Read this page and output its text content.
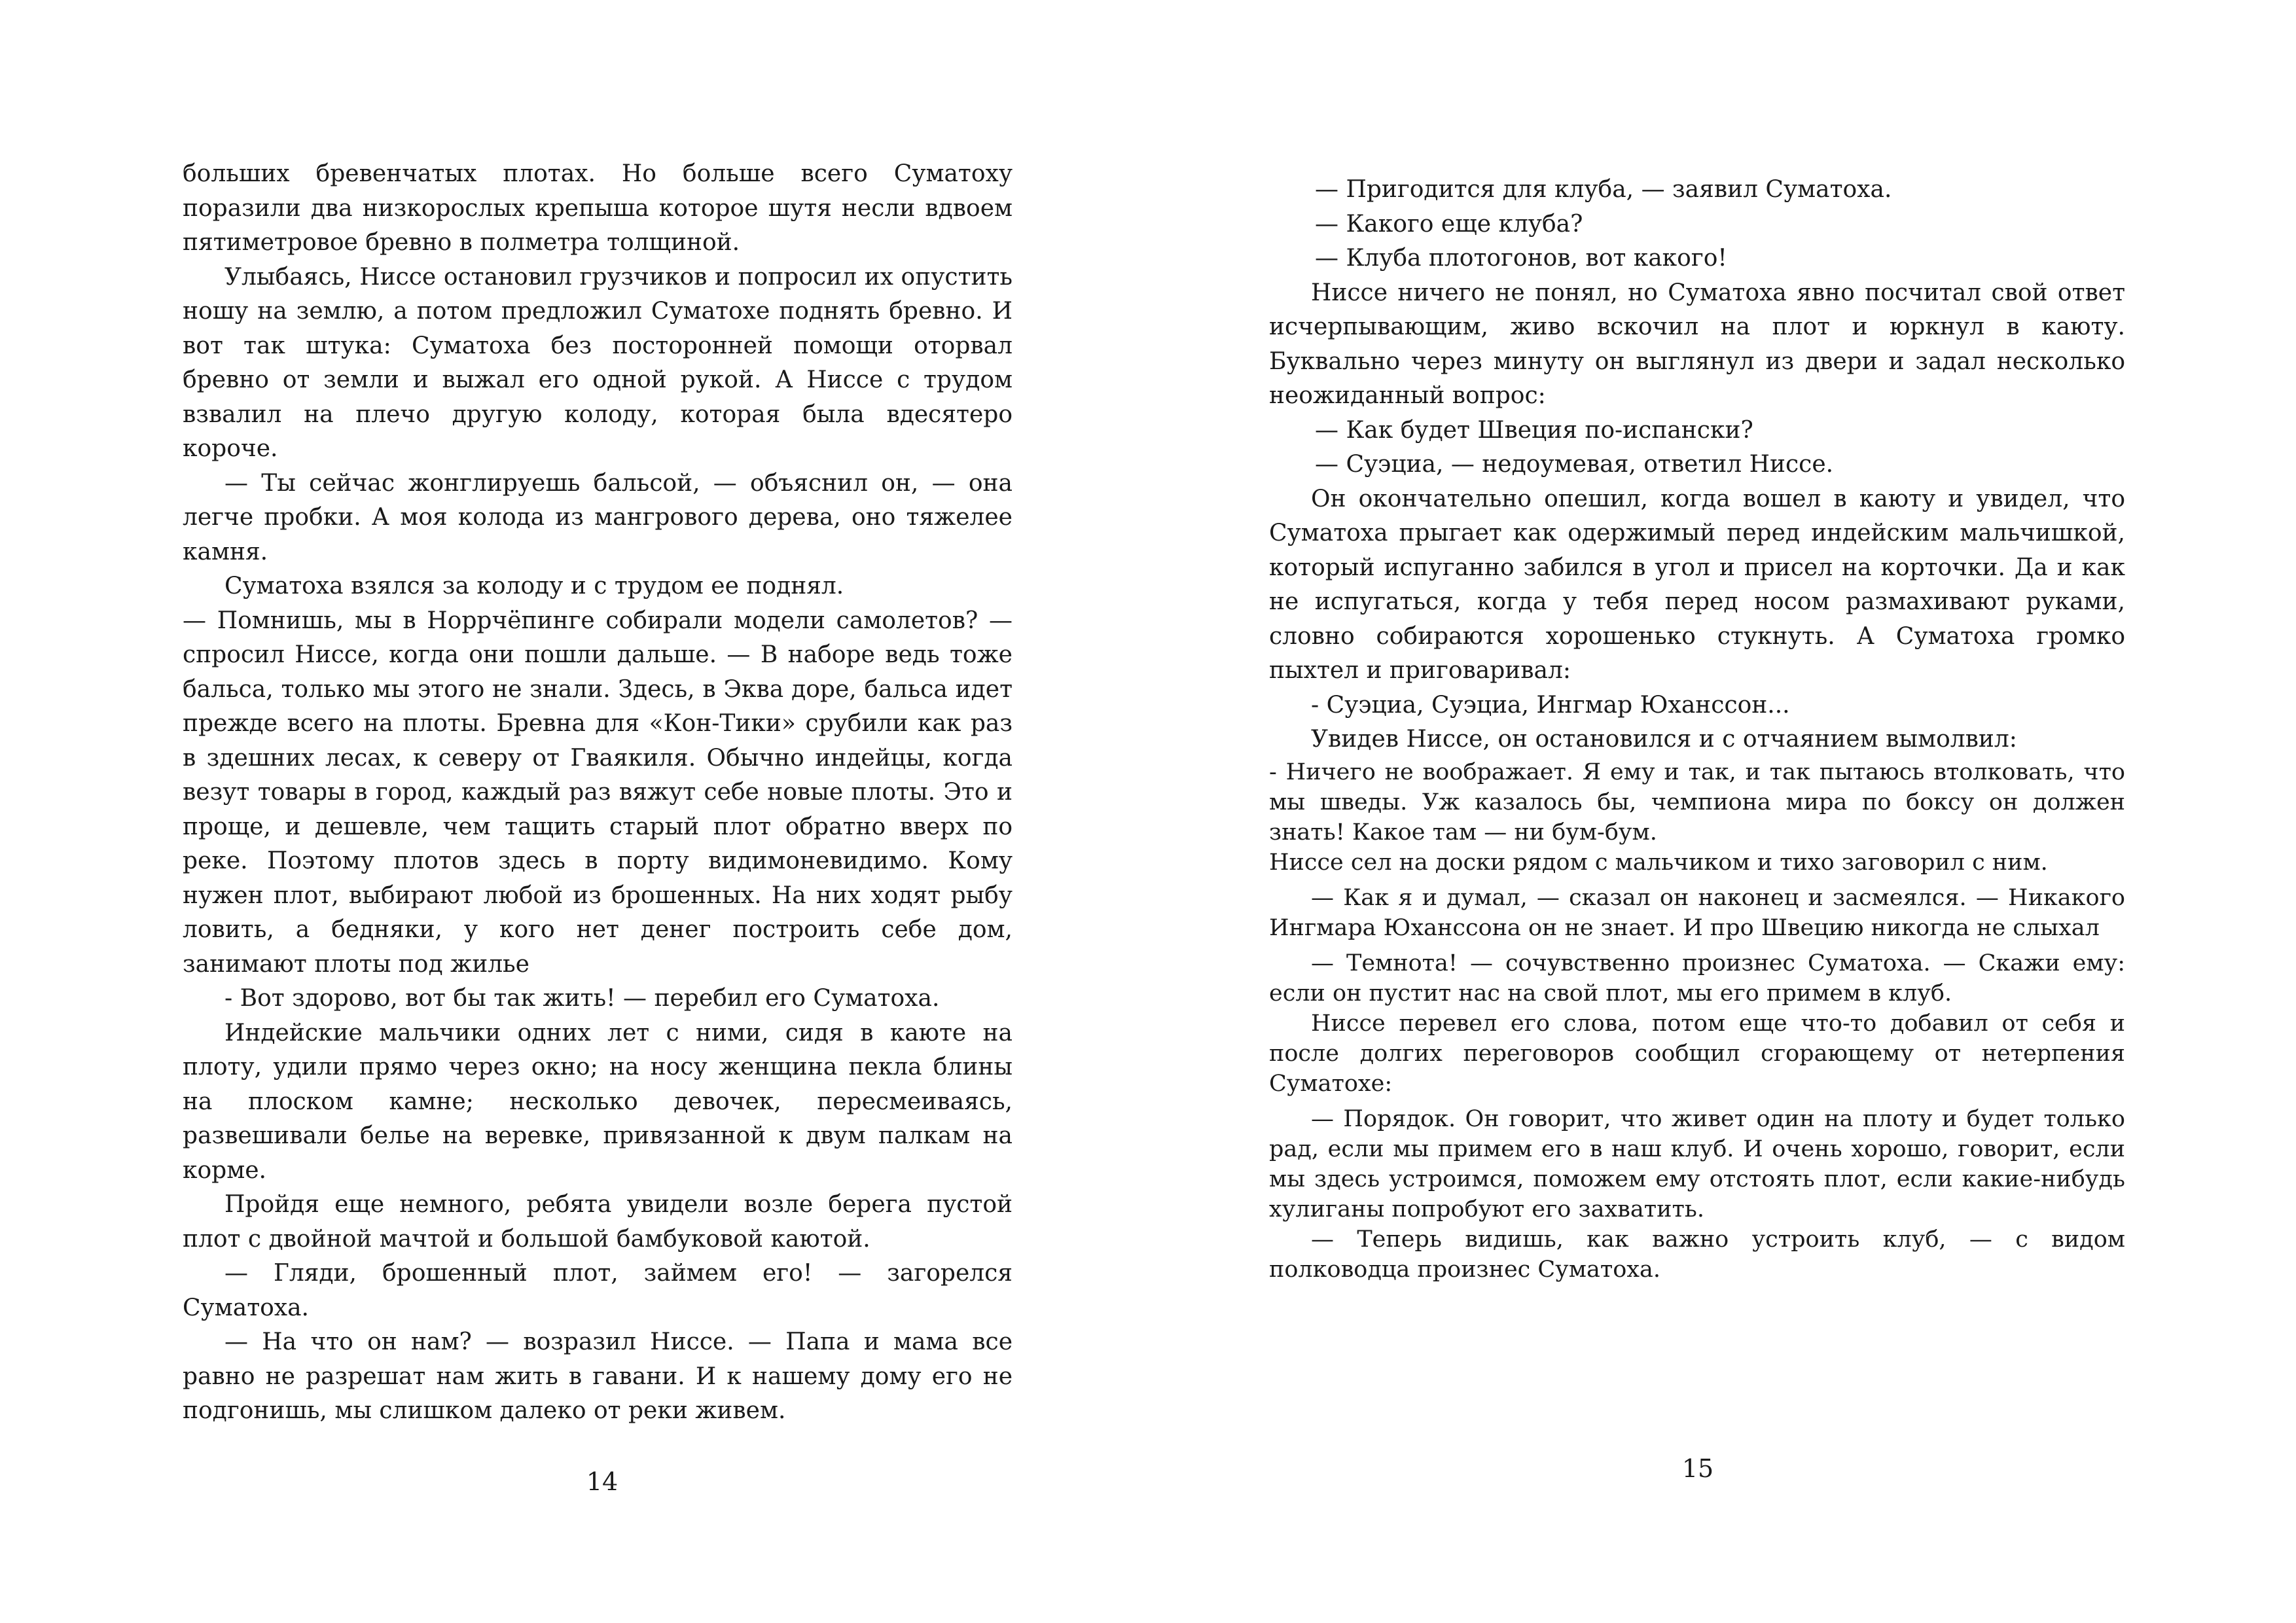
больших бревенчатых плотах. Но больше всего Суматоху поразили два низкорослых крепыша которое шутя несли вдвоем пятиметровое бревно в полметра толщиной.

Улыбаясь, Ниссе остановил грузчиков и попросил их опустить ношу на землю, а потом предложил Суматохе поднять бревно. И вот так штука: Суматоха без посторонней помощи оторвал бревно от земли и выжал его одной рукой. А Ниссе с трудом взвалил на плечо другую колоду, которая была вдесятеро короче.

— Ты сейчас жонглируешь бальсой, — объяснил он, — она легче пробки. А моя колода из мангрового дерева, оно тяжелее камня.

Суматоха взялся за колоду и с трудом ее поднял.

— Помнишь, мы в Норрчёпинге собирали модели самолетов? — спросил Ниссе, когда они пошли дальше. — В наборе ведь тоже бальса, только мы этого не знали. Здесь, в Эква доре, бальса идет прежде всего на плоты. Бревна для «Кон-Тики» срубили как раз в здешних лесах, к северу от Гваякиля. Обычно индейцы, когда везут товары в город, каждый раз вяжут себе новые плоты. Это и проще, и дешевле, чем тащить старый плот обратно вверх по реке. Поэтому плотов здесь в порту видимоневидимо. Кому нужен плот, выбирают любой из брошенных. На них ходят рыбу ловить, а бедняки, у кого нет денег построить себе дом, занимают плоты под жилье

- Вот здорово, вот бы так жить! — перебил его Суматоха.

Индейские мальчики одних лет с ними, сидя в каюте на плоту, удили прямо через окно; на носу женщина пекла блины на плоском камне; несколько девочек, пересмеиваясь, развешивали белье на веревке, привязанной к двум палкам на корме.

Пройдя еще немного, ребята увидели возле берега пустой плот с двойной мачтой и большой бамбуковой каютой.

— Гляди, брошенный плот, займем его! — загорелся Суматоха.

— На что он нам? — возразил Ниссе. — Папа и мама все равно не разрешат нам жить в гавани. И к нашему дому его не подгонишь, мы слишком далеко от реки живем.

14

— Пригодится для клуба, — заявил Суматоха.

— Какого еще клуба?

— Клуба плотогонов, вот какого!

Ниссе ничего не понял, но Суматоха явно посчитал свой ответ исчерпывающим, живо вскочил на плот и юркнул в каюту. Буквально через минуту он выглянул из двери и задал несколько неожиданный вопрос:

— Как будет Швеция по-испански?

— Суэциа, — недоумевая, ответил Ниссе.

Он окончательно опешил, когда вошел в каюту и увидел, что Суматоха прыгает как одержимый перед индейским мальчишкой, который испуганно забился в угол и присел на корточки. Да и как не испугаться, когда у тебя перед носом размахивают руками, словно собираются хорошенько стукнуть. А Суматоха громко пыхтел и приговаривал:

- Суэциа, Суэциа, Ингмар Юханссон...

Увидев Ниссе, он остановился и с отчаянием вымолвил:

- Ничего не воображает. Я ему и так, и так пытаюсь втолковать, что мы шведы. Уж казалось бы, чемпиона мира по боксу он должен знать! Какое там — ни бум-бум.

Ниссе сел на доски рядом с мальчиком и тихо заговорил с ним.

— Как я и думал, — сказал он наконец и засмеялся. — Никакого Ингмара Юханссона он не знает. И про Швецию никогда не слыхал

— Темнота! — сочувственно произнес Суматоха. — Скажи ему: если он пустит нас на свой плот, мы его примем в клуб.

Ниссе перевел его слова, потом еще что-то добавил от себя и после долгих переговоров сообщил сгорающему от нетерпения Суматохе:

— Порядок. Он говорит, что живет один на плоту и будет только рад, если мы примем его в наш клуб. И очень хорошо, говорит, если мы здесь устроимся, поможем ему отстоять плот, если какие-нибудь хулиганы попробуют его захватить.

— Теперь видишь, как важно устроить клуб, — с видом полководца произнес Суматоха.

15
